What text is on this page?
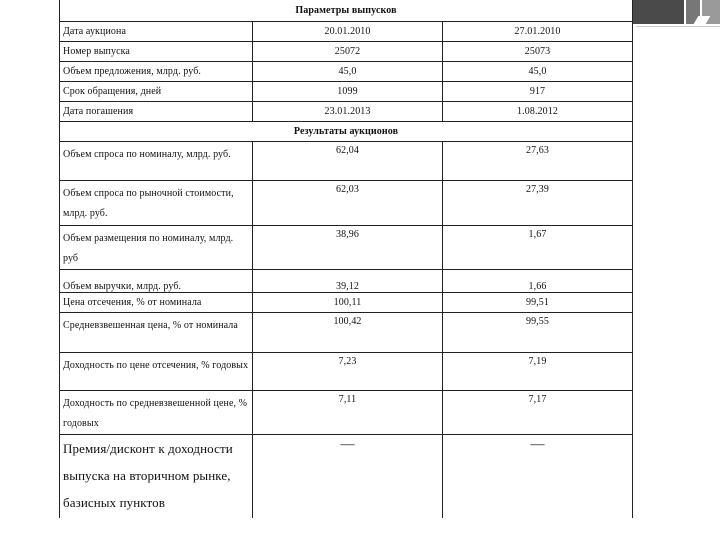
Параметры выпусков		
Дата аукциона	20.01.2010	27.01.2010
Номер выпуска	25072	25073
Объем предложения, млрд. руб.	45,0	45,0
Срок обращения, дней	1099	917
Дата погашения	23.01.2013	1.08.2012
Результаты аукционов		
Объем спроса по номиналу, млрд. руб.	62,04	27,63
Объем спроса по рыночной стоимости, млрд. руб.	62,03	27,39
Объем размещения по номиналу, млрд. руб	38,96	1,67
Объем выручки, млрд. руб.	39,12	1,66
Цена отсечения, % от номинала	100,11	99,51
Средневзвешенная цена, % от номинала	100,42	99,55
Доходность по цене отсечения, % годовых	7,23	7,19
Доходность по средневзвешенной цене, % годовых	7,11	7,17
Премия/дисконт к доходности выпуска на вторичном рынке, базисных пунктов	—	—
